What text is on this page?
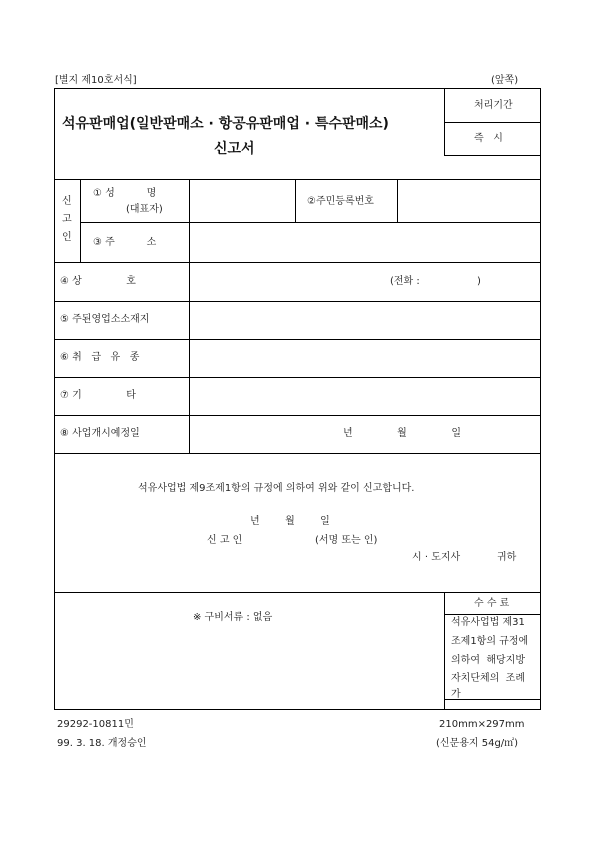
[별지 제10호서식]	(앞쪽)
석유판매업(일반판매소 · 항공유판매업 · 특수판매소)
신고서
처리기간
즉   시
신
고
인
① 성          명
(대표자)
②주민등록번호
③ 주          소
④ 상              호	(전화 :                  )
⑤ 주된영업소소재지
⑥ 취   급   유   종
⑦ 기              타
⑧ 사업개시예정일	년              월              일
석유사업법 제9조제1항의 규정에 의하여 위와 같이 신고합니다.
년        월        일
신 고 인	(서명 또는 인)
시 · 도지사	귀하
※ 구비서류 : 없음
수 수 료
석유사업법 제31
조제1항의 규정에
의하여  해당지방
자치단체의  조례
가
29292-10811민
99. 3. 18. 개정승인
210mm×297mm
(신문용지 54g/㎡)
